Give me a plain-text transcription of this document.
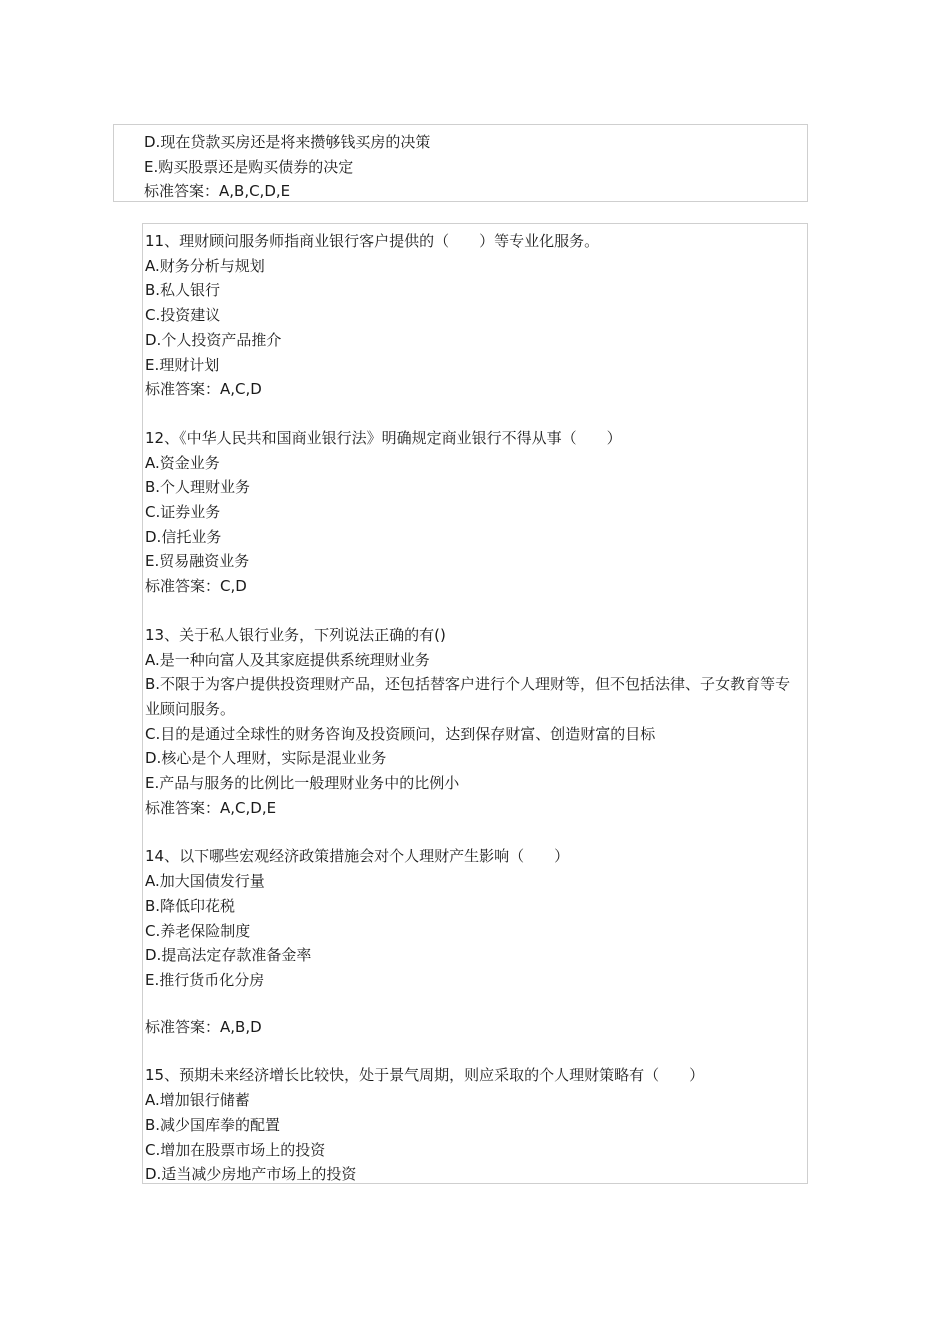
D.现在贷款买房还是将来攒够钱买房的决策

E.购买股票还是购买债券的决定

标准答案：A,B,C,D,E

11、理财顾问服务师指商业银行客户提供的（　　）等专业化服务。

A.财务分析与规划

B.私人银行

C.投资建议

D.个人投资产品推介

E.理财计划

标准答案：A,C,D

12、《中华人民共和国商业银行法》明确规定商业银行不得从事（　　）

A.资金业务

B.个人理财业务

C.证券业务

D.信托业务

E.贸易融资业务

标准答案：C,D

13、关于私人银行业务，下列说法正确的有()

A.是一种向富人及其家庭提供系统理财业务

B.不限于为客户提供投资理财产品，还包括替客户进行个人理财等，但不包括法律、子女教育等专业顾问服务。

C.目的是通过全球性的财务咨询及投资顾问，达到保存财富、创造财富的目标

D.核心是个人理财，实际是混业业务

E.产品与服务的比例比一般理财业务中的比例小

标准答案：A,C,D,E

14、以下哪些宏观经济政策措施会对个人理财产生影响（　　）

A.加大国债发行量

B.降低印花税

C.养老保险制度

D.提高法定存款准备金率

E.推行货币化分房

标准答案：A,B,D

15、预期未来经济增长比较快，处于景气周期，则应采取的个人理财策略有（　　）

A.增加银行储蓄

B.减少国库拳的配置

C.增加在股票市场上的投资

D.适当减少房地产市场上的投资
